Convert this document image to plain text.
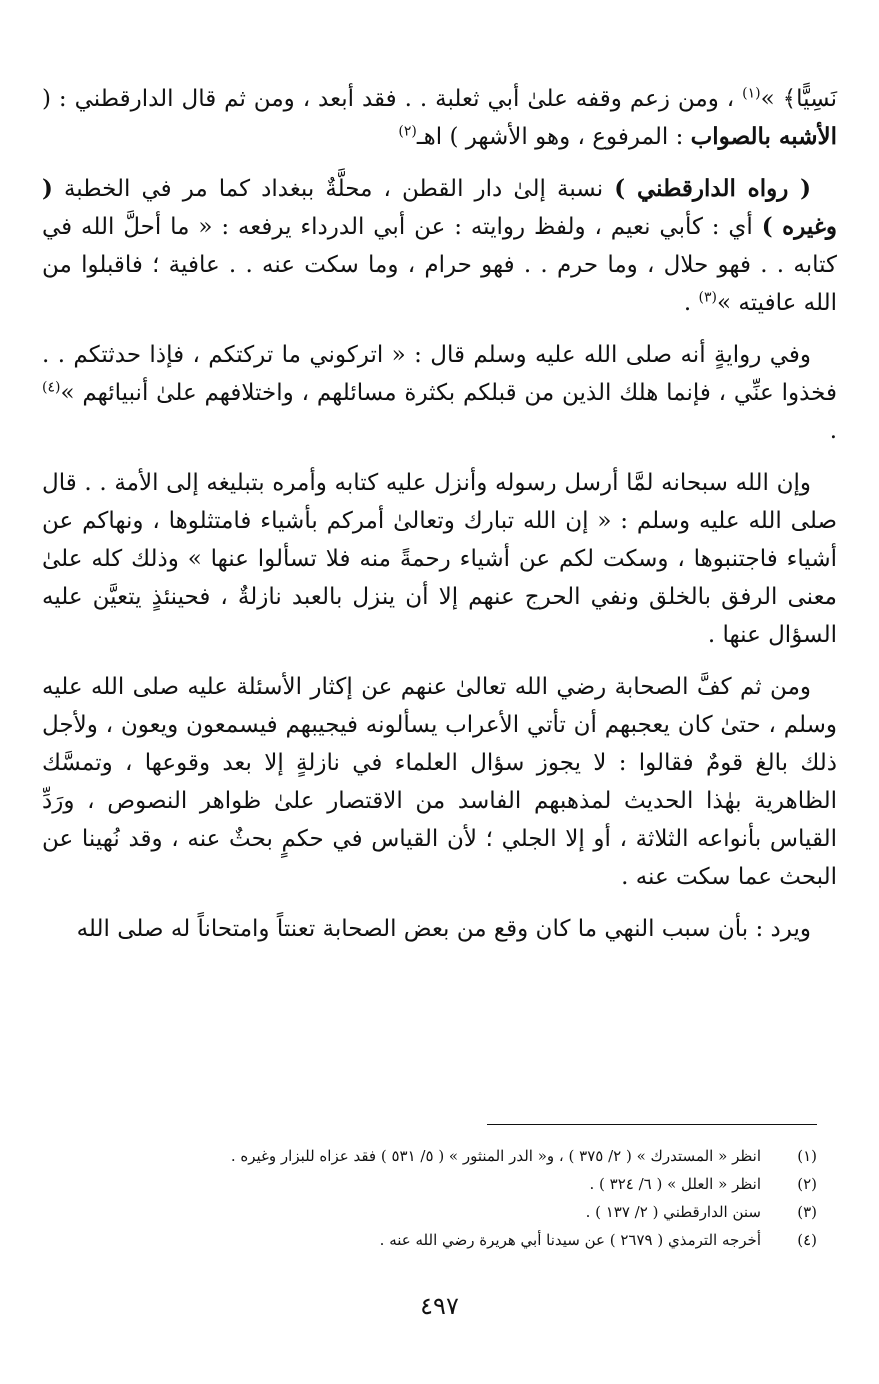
نَسِيًّا﴾ »$^{(١)}$ ، ومن زعم وقفه علىٰ أبي ثعلبة . . فقد أبعد ، ومن ثم قال الدارقطني : ( الأشبه بالصواب : المرفوع ، وهو الأشهر ) اهـ$^{(٢)}$

( رواه الدارقطني ) نسبة إلىٰ دار القطن ، محلَّةٌ ببغداد كما مر في الخطبة ( وغيره ) أي : كأبي نعيم ، ولفظ روايته : عن أبي الدرداء يرفعه : « ما أحلَّ الله في كتابه . . فهو حلال ، وما حرم . . فهو حرام ، وما سكت عنه . . عافية ؛ فاقبلوا من الله عافيته »$^{(٣)}$ .

وفي روايةٍ أنه صلى الله عليه وسلم قال : « اتركوني ما تركتكم ، فإذا حدثتكم . . فخذوا عنِّي ، فإنما هلك الذين من قبلكم بكثرة مسائلهم ، واختلافهم علىٰ أنبيائهم »$^{(٤)}$ .

وإن الله سبحانه لمَّا أرسل رسوله وأنزل عليه كتابه وأمره بتبليغه إلى الأمة . . قال صلى الله عليه وسلم : « إن الله تبارك وتعالىٰ أمركم بأشياء فامتثلوها ، ونهاكم عن أشياء فاجتنبوها ، وسكت لكم عن أشياء رحمةً منه فلا تسألوا عنها » وذلك كله علىٰ معنى الرفق بالخلق ونفي الحرج عنهم إلا أن ينزل بالعبد نازلةٌ ، فحينئذٍ يتعيَّن عليه السؤال عنها .

ومن ثم كفَّ الصحابة رضي الله تعالىٰ عنهم عن إكثار الأسئلة عليه صلى الله عليه وسلم ، حتىٰ كان يعجبهم أن تأتي الأعراب يسألونه فيجيبهم فيسمعون ويعون ، ولأجل ذلك بالغ قومٌ فقالوا : لا يجوز سؤال العلماء في نازلةٍ إلا بعد وقوعها ، وتمسَّك الظاهرية بهٰذا الحديث لمذهبهم الفاسد من الاقتصار علىٰ ظواهر النصوص ، ورَدِّ القياس بأنواعه الثلاثة ، أو إلا الجلي ؛ لأن القياس في حكمٍ بحثٌ عنه ، وقد نُهينا عن البحث عما سكت عنه .

ويرد : بأن سبب النهي ما كان وقع من بعض الصحابة تعنتاً وامتحاناً له صلى الله

(١)
انظر « المستدرك » ( ٢/ ٣٧٥ ) ، و« الدر المنثور » ( ٥/ ٥٣١ ) فقد عزاه للبزار وغيره .
(٢)
انظر « العلل » ( ٦/ ٣٢٤ ) .
(٣)
سنن الدارقطني ( ٢/ ١٣٧ ) .
(٤)
أخرجه الترمذي ( ٢٦٧٩ ) عن سيدنا أبي هريرة رضي الله عنه .
٤٩٧
